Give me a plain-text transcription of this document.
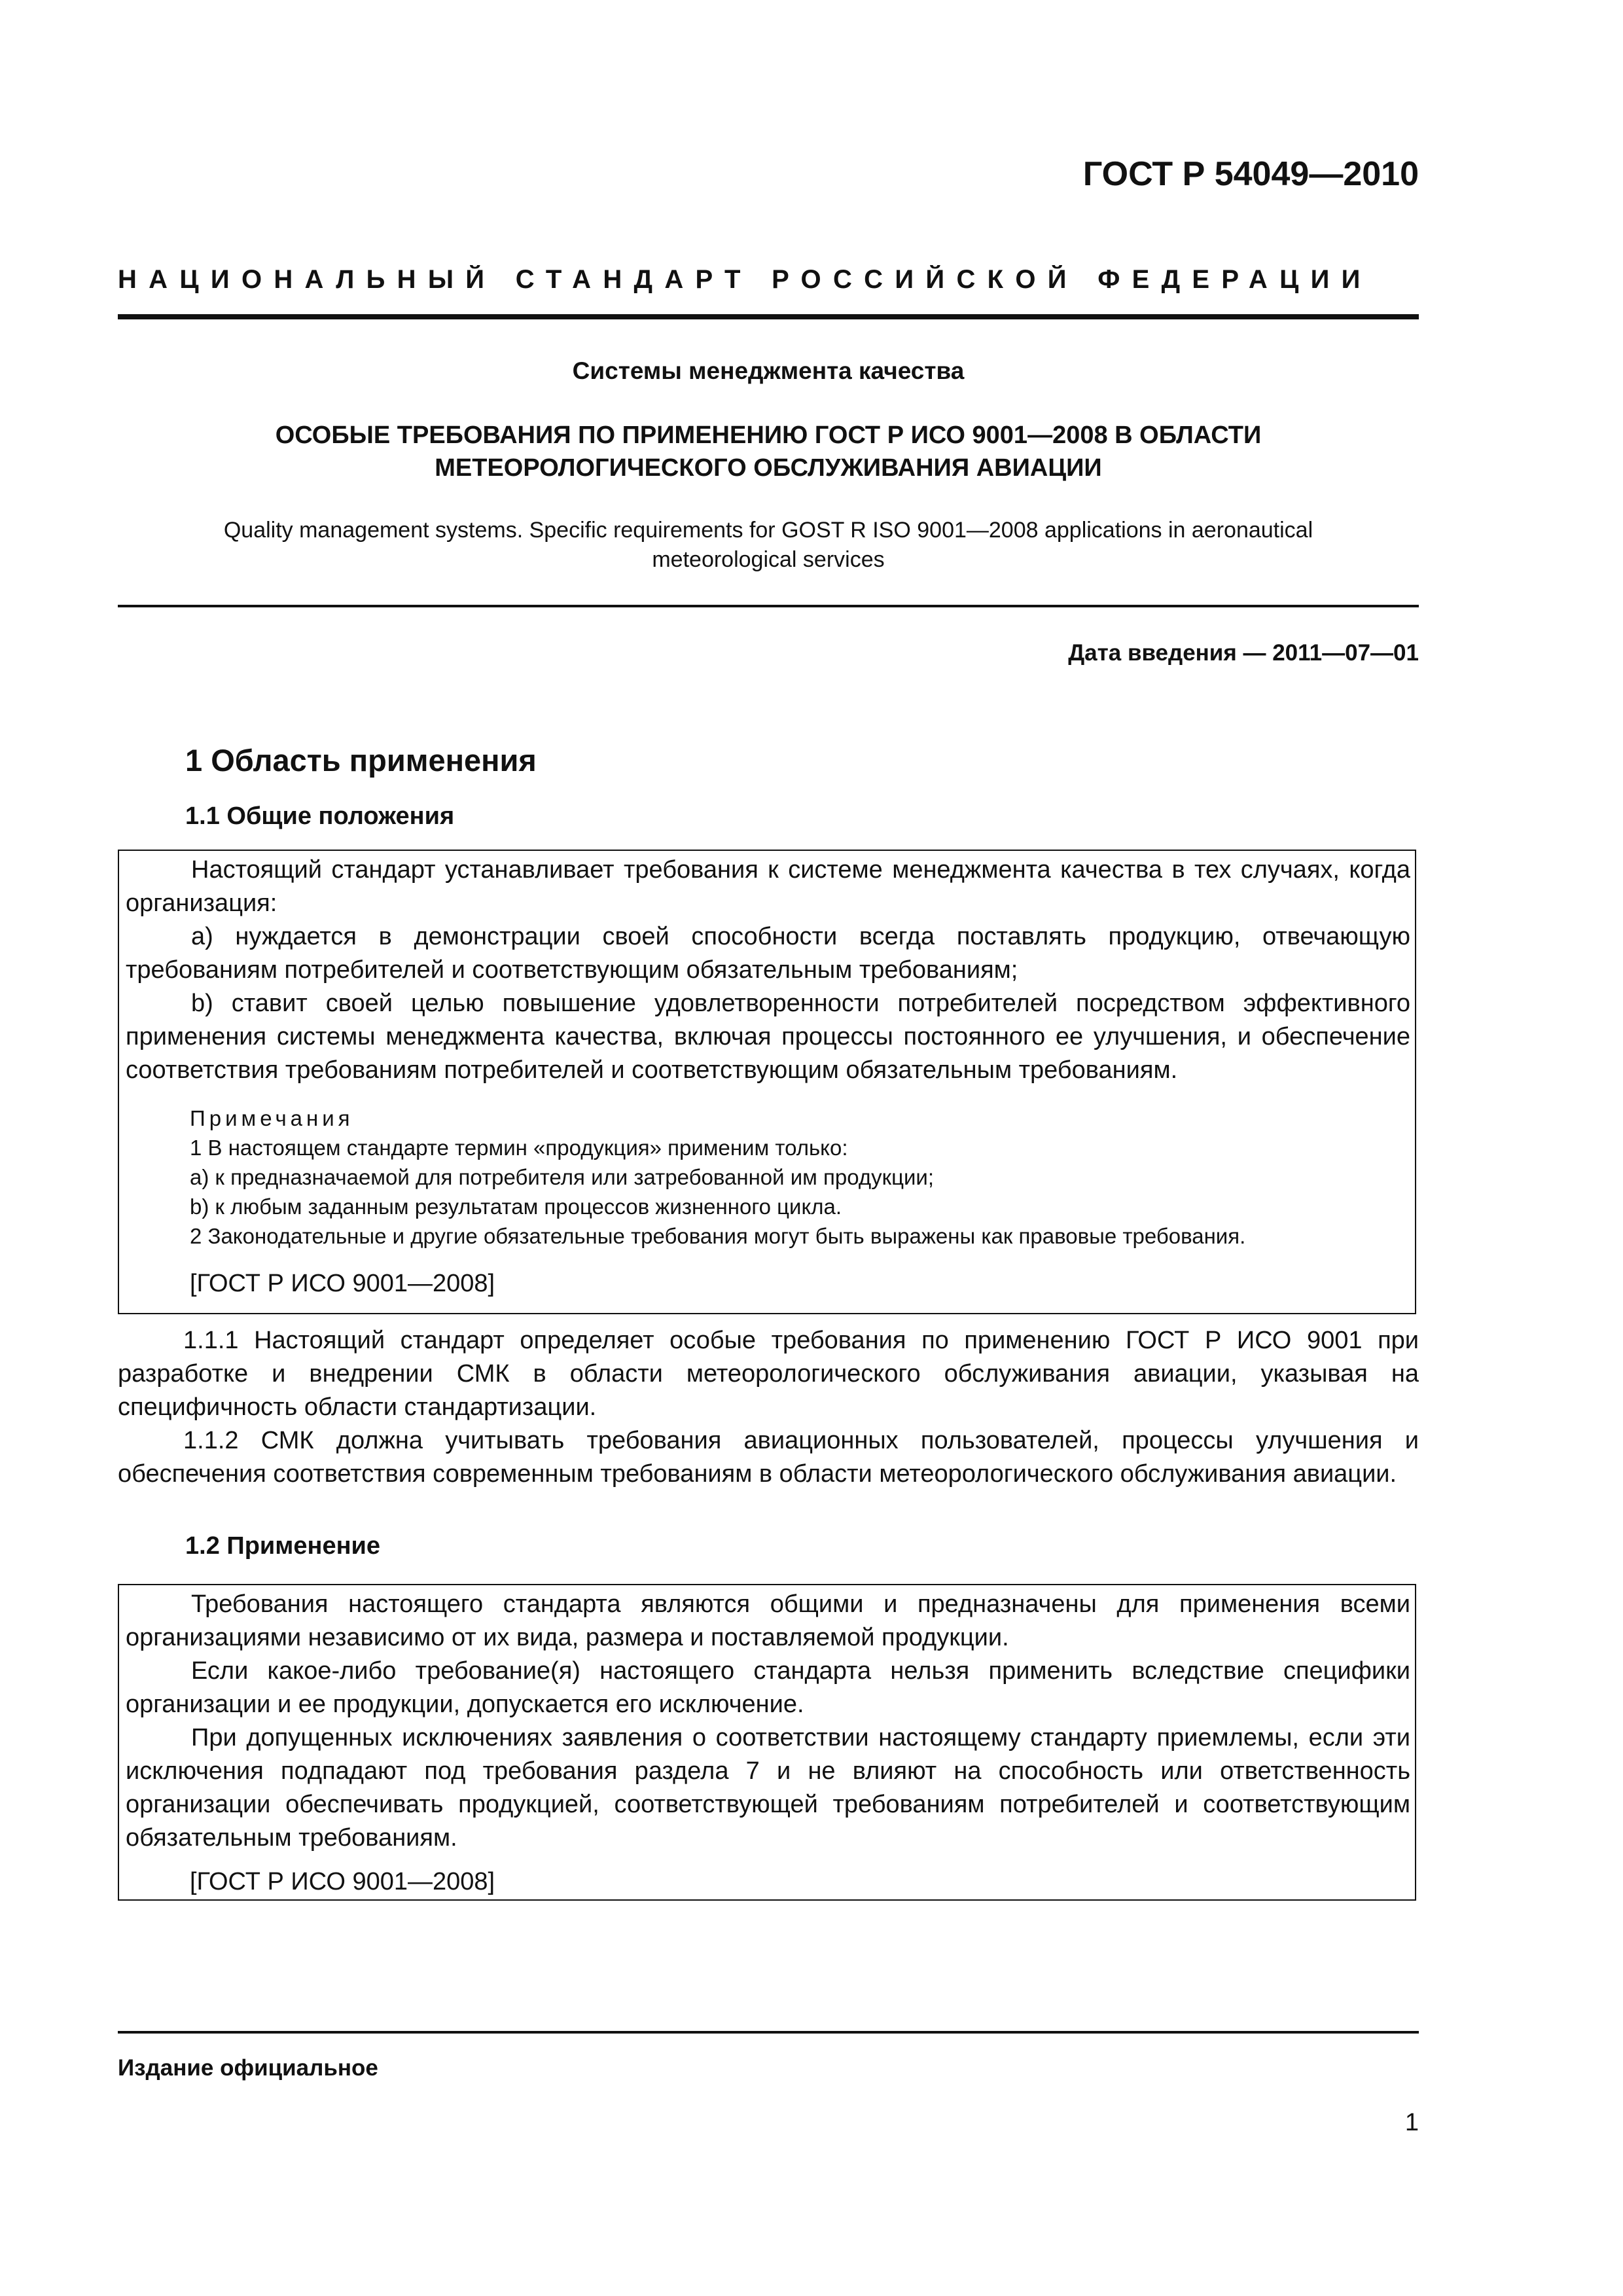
ГОСТ Р 54049—2010
НАЦИОНАЛЬНЫЙ СТАНДАРТ РОССИЙСКОЙ ФЕДЕРАЦИИ
Системы менеджмента качества
ОСОБЫЕ ТРЕБОВАНИЯ ПО ПРИМЕНЕНИЮ ГОСТ Р ИСО 9001—2008 В ОБЛАСТИ
МЕТЕОРОЛОГИЧЕСКОГО ОБСЛУЖИВАНИЯ АВИАЦИИ
Quality management systems. Specific requirements for GOST R ISO 9001—2008 applications in aeronautical
meteorological services
Дата введения — 2011—07—01
1 Область применения
1.1 Общие положения

Настоящий стандарт устанавливает требования к системе менеджмента качества в тех случаях, когда организация:

a) нуждается в демонстрации своей способности всегда поставлять продукцию, отвечающую требованиям потребителей и соответствующим обязательным требованиям;

b) ставит своей целью повышение удовлетворенности потребителей посредством эффективного применения системы менеджмента качества, включая процессы постоянного ее улучшения, и обеспечение соответствия требованиям потребителей и соответствующим обязательным требованиям.

Примечания
1 В настоящем стандарте термин «продукция» применим только:
a) к предназначаемой для потребителя или затребованной им продукции;
b) к любым заданным результатам процессов жизненного цикла.
2 Законодательные и другие обязательные требования могут быть выражены как правовые требования.
[ГОСТ Р ИСО 9001—2008]

1.1.1 Настоящий стандарт определяет особые требования по применению ГОСТ Р ИСО 9001 при разработке и внедрении СМК в области метеорологического обслуживания авиации, указывая на специфичность области стандартизации.

1.1.2 СМК должна учитывать требования авиационных пользователей, процессы улучшения и обеспечения соответствия современным требованиям в области метеорологического обслуживания авиации.

1.2 Применение

Требования настоящего стандарта являются общими и предназначены для применения всеми организациями независимо от их вида, размера и поставляемой продукции.

Если какое-либо требование(я) настоящего стандарта нельзя применить вследствие специфики организации и ее продукции, допускается его исключение.

При допущенных исключениях заявления о соответствии настоящему стандарту приемлемы, если эти исключения подпадают под требования раздела 7 и не влияют на способность или ответственность организации обеспечивать продукцией, соответствующей требованиям потребителей и соответствующим обязательным требованиям.

[ГОСТ Р ИСО 9001—2008]
Издание официальное
1
